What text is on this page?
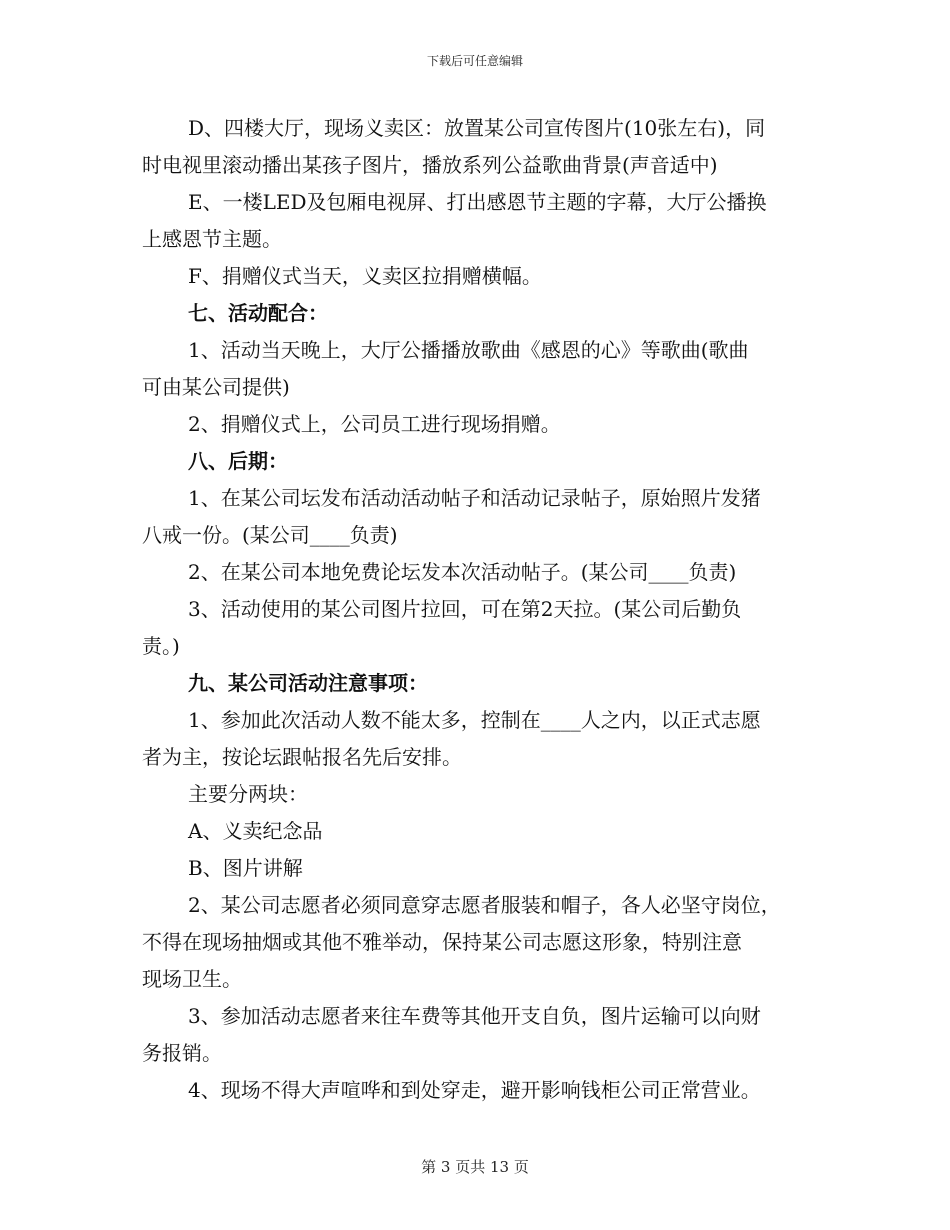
下载后可任意编辑
D、四楼大厅，现场义卖区：放置某公司宣传图片(10张左右)，同
时电视里滚动播出某孩子图片，播放系列公益歌曲背景(声音适中)
E、一楼LED及包厢电视屏、打出感恩节主题的字幕，大厅公播换
上感恩节主题。
F、捐赠仪式当天，义卖区拉捐赠横幅。
七、活动配合：
1、活动当天晚上，大厅公播播放歌曲《感恩的心》等歌曲(歌曲
可由某公司提供)
2、捐赠仪式上，公司员工进行现场捐赠。
八、后期：
1、在某公司坛发布活动活动帖子和活动记录帖子，原始照片发猪
八戒一份。(某公司____负责)
2、在某公司本地免费论坛发本次活动帖子。(某公司____负责)
3、活动使用的某公司图片拉回，可在第2天拉。(某公司后勤负
责。)
九、某公司活动注意事项：
1、参加此次活动人数不能太多，控制在____人之内，以正式志愿
者为主，按论坛跟帖报名先后安排。
主要分两块：
A、义卖纪念品
B、图片讲解
2、某公司志愿者必须同意穿志愿者服装和帽子，各人必坚守岗位，
不得在现场抽烟或其他不雅举动，保持某公司志愿这形象，特别注意
现场卫生。
3、参加活动志愿者来往车费等其他开支自负，图片运输可以向财
务报销。
4、现场不得大声喧哗和到处穿走，避开影响钱柜公司正常营业。
第 3 页共 13 页
